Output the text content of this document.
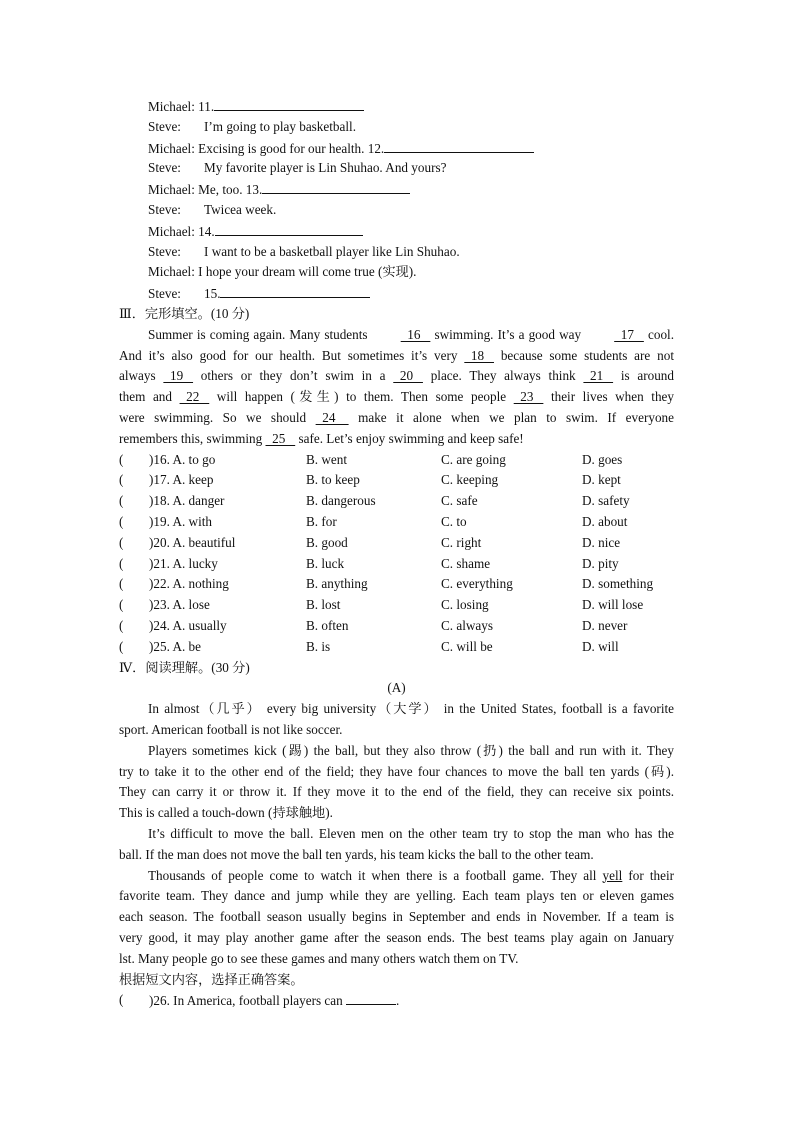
Michael: 11.
Steve: I’m going to play basketball.
Michael: Excising is good for our health. 12.
Steve: My favorite player is Lin Shuhao. And yours?
Michael: Me, too. 13.
Steve: Twicea week.
Michael: 14.
Steve: I want to be a basketball player like Lin Shuhao.
Michael: I hope your dream will come true (实现).
Steve: 15.
Ⅲ．完形填空。(10 分)
Summer is coming again. Many students   16    swimming. It’s a good way   17    cool.
And it’s also good for our health. But sometimes it’s very   18    because some students are not
always   19    others or they don’t swim in a   20    place. They always think   21    is around
them and   22    will happen (发生) to them. Then some people   23    their lives when they
were swimming. So we should   24     make it alone when we plan to swim. If everyone
remembers this, swimming   25    safe. Let’s enjoy swimming and keep safe!
( )16. A. to go	B. went	C. are going	D. goes
( )17. A. keep	B. to keep	C. keeping	D. kept
( )18. A. danger	B. dangerous	C. safe	D. safety
( )19. A. with	B. for	C. to	D. about
( )20. A. beautiful	B. good	C. right	D. nice
( )21. A. lucky	B. luck	C. shame	D. pity
( )22. A. nothing	B. anything	C. everything	D. something
( )23. A. lose	B. lost	C. losing	D. will lose
( )24. A. usually	B. often	C. always	D. never
( )25. A. be	B. is	C. will be	D. will
Ⅳ．阅读理解。(30 分)
(A)
In almost（几乎） every big university（大学） in the United States, football is a favorite
sport. American football is not like soccer.
Players sometimes kick (踢) the ball, but they also throw (扔) the ball and run with it. They
try to take it to the other end of the field; they have four chances to move the ball ten yards (码).
They can carry it or throw it. If they move it to the end of the field, they can receive six points.
This is called a touch-down (持球触地).
It’s difficult to move the ball. Eleven men on the other team try to stop the man who has the
ball. If the man does not move the ball ten yards, his team kicks the ball to the other team.
Thousands of people come to watch it when there is a football game. They all yell for their
favorite team. They dance and jump while they are yelling. Each team plays ten or eleven games
each season. The football season usually begins in September and ends in November. If a team is
very good, it may play another game after the season ends. The best teams play again on January
lst. Many people go to see these games and many others watch them on TV.
根据短文内容，选择正确答案。
( )26. In America, football players can	.
